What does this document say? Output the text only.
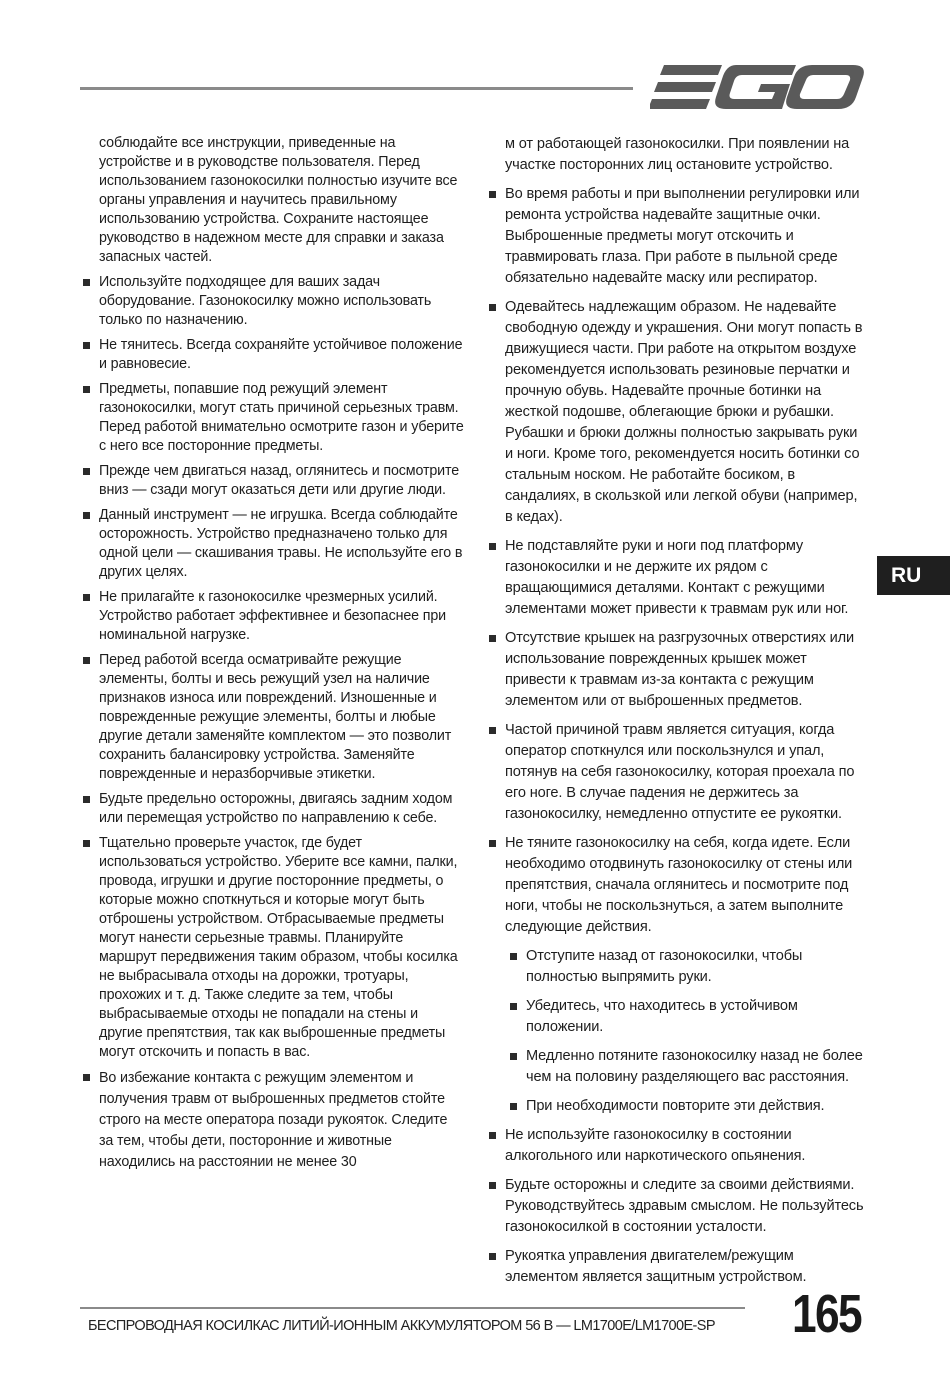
RU
соблюдайте все инструкции, приведенные на устройстве и в руководстве пользователя. Перед использованием газонокосилки полностью изучите все органы управления и научитесь правильному использованию устройства. Сохраните настоящее руководство в надежном месте для справки и заказа запасных частей.
Используйте подходящее для ваших задач оборудование. Газонокосилку можно использовать только по назначению.
Не тянитесь. Всегда сохраняйте устойчивое положение и равновесие.
Предметы, попавшие под режущий элемент газонокосилки, могут стать причиной серьезных травм. Перед работой внимательно осмотрите газон и уберите с него все посторонние предметы.
Прежде чем двигаться назад, оглянитесь и посмотрите вниз — сзади могут оказаться дети или другие люди.
Данный инструмент — не игрушка. Всегда соблюдайте осторожность. Устройство предназначено только для одной цели — скашивания травы. Не используйте его в других целях.
Не прилагайте к газонокосилке чрезмерных усилий. Устройство работает эффективнее и безопаснее при номинальной нагрузке.
Перед работой всегда осматривайте режущие элементы, болты и весь режущий узел на наличие признаков износа или повреждений. Изношенные и поврежденные режущие элементы, болты и любые другие детали заменяйте комплектом — это позволит сохранить балансировку устройства. Заменяйте поврежденные и неразборчивые этикетки.
Будьте предельно осторожны, двигаясь задним ходом или перемещая устройство по направлению к себе.
Тщательно проверьте участок, где будет использоваться устройство. Уберите все камни, палки, провода, игрушки и другие посторонние предметы, о которые можно споткнуться и которые могут быть отброшены устройством. Отбрасываемые предметы могут нанести серьезные травмы. Планируйте маршрут передвижения таким образом, чтобы косилка не выбрасывала отходы на дорожки, тротуары, прохожих и т. д. Также следите за тем, чтобы выбрасываемые отходы не попадали на стены и другие препятствия, так как выброшенные предметы могут отскочить и попасть в вас.
Во избежание контакта с режущим элементом и получения травм от выброшенных предметов стойте строго на месте оператора позади рукояток. Следите за тем, чтобы дети, посторонние и животные находились на расстоянии не менее 30
м от работающей газонокосилки. При появлении на участке посторонних лиц остановите устройство.
Во время работы и при выполнении регулировки или ремонта устройства надевайте защитные очки. Выброшенные предметы могут отскочить и травмировать глаза. При работе в пыльной среде обязательно надевайте маску или респиратор.
Одевайтесь надлежащим образом. Не надевайте свободную одежду и украшения. Они могут попасть в движущиеся части. При работе на открытом воздухе рекомендуется использовать резиновые перчатки и прочную обувь. Надевайте прочные ботинки на жесткой подошве, облегающие брюки и рубашки. Рубашки и брюки должны полностью закрывать руки и ноги. Кроме того, рекомендуется носить ботинки со стальным носком. Не работайте босиком, в сандалиях, в скользкой или легкой обуви (например, в кедах).
Не подставляйте руки и ноги под платформу газонокосилки и не держите их рядом с вращающимися деталями. Контакт с режущими элементами может привести к травмам рук или ног.
Отсутствие крышек на разгрузочных отверстиях или использование поврежденных крышек может привести к травмам из-за контакта с режущим элементом или от выброшенных предметов.
Частой причиной травм является ситуация, когда оператор споткнулся или поскользнулся и упал, потянув на себя газонокосилку, которая проехала по его ноге. В случае падения не держитесь за газонокосилку, немедленно отпустите ее рукоятки.
Не тяните газонокосилку на себя, когда идете. Если необходимо отодвинуть газонокосилку от стены или препятствия, сначала оглянитесь и посмотрите под ноги, чтобы не поскользнуться, а затем выполните следующие действия.
Отступите назад от газонокосилки, чтобы полностью выпрямить руки.
Убедитесь, что находитесь в устойчивом положении.
Медленно потяните газонокосилку назад не более чем на половину разделяющего вас расстояния.
При необходимости повторите эти действия.
Не используйте газонокосилку в состоянии алкогольного или наркотического опьянения.
Будьте осторожны и следите за своими действиями. Руководствуйтесь здравым смыслом. Не пользуйтесь газонокосилкой в состоянии усталости.
Рукоятка управления двигателем/режущим элементом является защитным устройством.
БЕСПРОВОДНАЯ КОСИЛКАС ЛИТИЙ-ИОННЫМ АККУМУЛЯТОРОМ 56 В — LM1700E/LM1700E-SP	165
